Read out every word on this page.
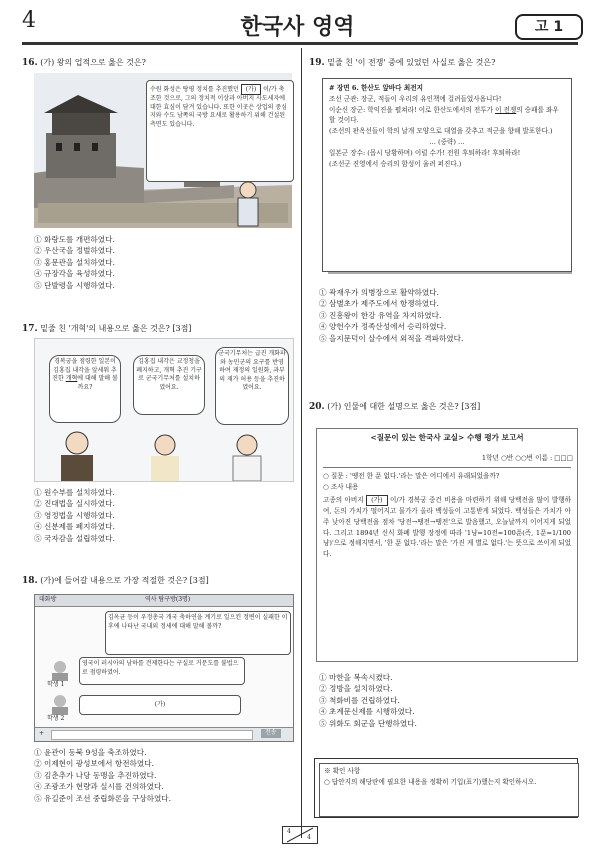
4	한국사 영역	고 1
16. (가) 왕의 업적으로 옳은 것은?
수원 화성은 탕평 정치를 추진했던 (가) 이/가 축조한 것으로, 그의 정치적 이상과 아버지 사도세자에 대한 효심이 담겨 있습니다. 또한 이곳은 상업의 중심지와 수도 남쪽의 국방 요새로 활용하기 위해 건설된 측면도 있습니다.
① 화랑도를 개편하였다.
② 우산국을 정벌하였다.
③ 홍문관을 설치하였다.
④ 규장각을 육성하였다.
⑤ 단발령을 시행하였다.
17. 밑줄 친 '개혁'의 내용으로 옳은 것은? [3점]
경복궁을 점령한 일본이 김홍집 내각을 앞세워 추진한 개혁에 대해 말해 볼까요?
김홍집 내각은 교정청을 폐지하고, 개혁 추진 기구로 군국기무처를 설치하였어요.
군국기무처는 급진 개화파와 농민군의 요구를 반영하여 재정의 일원화, 과부의 재가 허용 등을 추진하였어요.
① 원수부를 설치하였다.
② 진대법을 실시하였다.
③ 영정법을 시행하였다.
④ 신분제를 폐지하였다.
⑤ 국자감을 설립하였다.
18. (가)에 들어갈 내용으로 가장 적절한 것은? [3점]
대화방	역사 탐구방(3명)
김옥균 등이 우정총국 개국 축하연을 계기로 일으킨 정변이 실패한 이후에 나타난 국내외 정세에 대해 말해 볼까?
학생 1
영국이 러시아의 남하를 견제한다는 구실로 거문도를 불법으로 점령하였어.
학생 2
(가)
+	전송
① 윤관이 동북 9성을 축조하였다.
② 이제현이 광성보에서 항전하였다.
③ 김춘추가 나당 동맹을 추진하였다.
④ 조광조가 현량과 실시를 건의하였다.
⑤ 유길준이 조선 중립화론을 구상하였다.
19. 밑줄 친 '이 전쟁' 중에 있었던 사실로 옳은 것은?
# 장면 6. 한산도 앞바다 최전지
조선 군관: 장군, 적들이 우리의 유인책에 걸려들었사옵니다!
이순신 장군: 학익진을 펼쳐라! 이로 한산도에서의 전투가 이 전쟁의 승패를 좌우할 것이다.
(조선의 판옥선들이 학의 날개 모양으로 대열을 갖추고 적군을 향해 발포한다.)
… (중략) …
일본군 장수: (몹시 당황하며) 이럴 수가! 전원 후퇴하라! 후퇴하라!
(조선군 진영에서 승리의 함성이 울려 퍼진다.)
① 곽재우가 의병장으로 활약하였다.
② 삼별초가 제주도에서 항쟁하였다.
③ 진흥왕이 한강 유역을 차지하였다.
④ 양헌수가 정족산성에서 승리하였다.
⑤ 을지문덕이 살수에서 외적을 격파하였다.
20. (가) 인물에 대한 설명으로 옳은 것은? [3점]
<질문이 있는 한국사 교실> 수행 평가 보고서
1학년 ○반 ○○번 이름 : □□□
○ 질문 : '땡전 한 푼 없다.'라는 말은 어디에서 유래되었을까?
○ 조사 내용
고종의 아버지 (가) 이/가 경복궁 중건 비용을 마련하기 위해 당백전을 많이 발행하여, 돈의 가치가 떨어지고 물가가 올라 백성들이 고통받게 되었다. 백성들은 가치가 아주 낮아진 당백전을 점차 '당전→땡전→땡전'으로 발음했고, 오늘날까지 이어지게 되었다. 그리고 1894년 신식 화폐 발행 장정에 따라 '1냥=10전=100푼(즉, 1푼=1/100냥)'으로 정해지면서, '한 푼 없다.'라는 말은 '가진 게 별로 없다.'는 뜻으로 쓰이게 되었다.
① 마한을 복속시켰다.
② 정방을 설치하였다.
③ 척화비를 건립하였다.
④ 초계문신제를 시행하였다.
⑤ 위화도 회군을 단행하였다.
※ 확인 사항
○ 답안지의 해당란에 필요한 내용을 정확히 기입(표기)했는지 확인하시오.
4
4
